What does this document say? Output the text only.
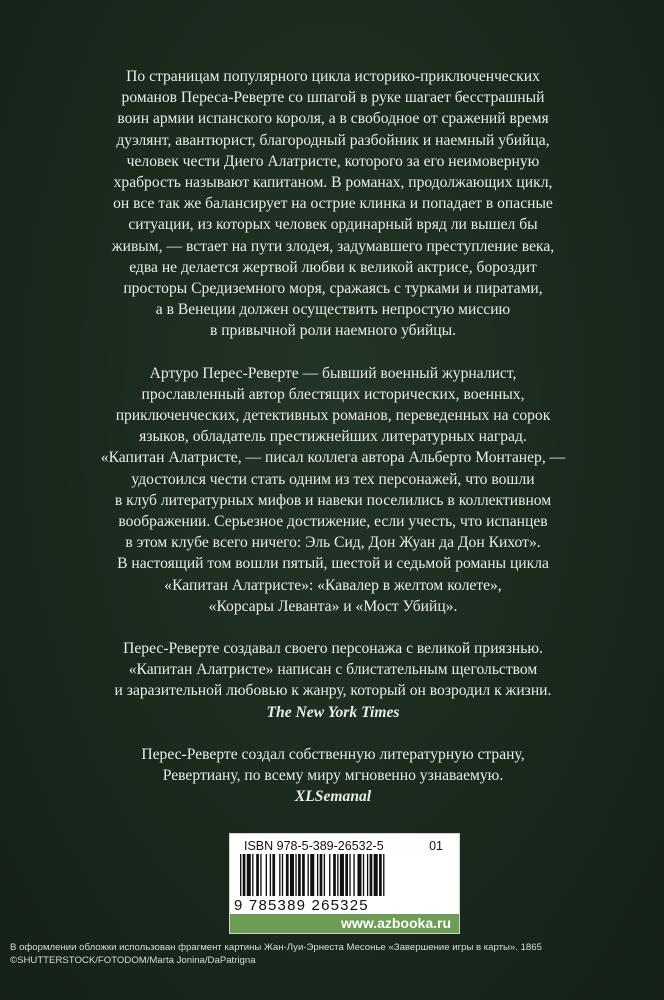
По страницам популярного цикла историко-приключенческих
романов Переса-Реверте со шпагой в руке шагает бесстрашный
воин армии испанского короля, а в свободное от сражений время
дуэлянт, авантюрист, благородный разбойник и наемный убийца,
человек чести Диего Алатристе, которого за его неимоверную
храбрость называют капитаном. В романах, продолжающих цикл,
он все так же балансирует на острие клинка и попадает в опасные
ситуации, из которых человек ординарный вряд ли вышел бы
живым, — встает на пути злодея, задумавшего преступление века,
едва не делается жертвой любви к великой актрисе, бороздит
просторы Средиземного моря, сражаясь с турками и пиратами,
а в Венеции должен осуществить непростую миссию
в привычной роли наемного убийцы.

Артуро Перес-Реверте — бывший военный журналист,
прославленный автор блестящих исторических, военных,
приключенческих, детективных романов, переведенных на сорок
языков, обладатель престижнейших литературных наград.
«Капитан Алатристе, — писал коллега автора Альберто Монтанер, —
удостоился чести стать одним из тех персонажей, что вошли
в клуб литературных мифов и навеки поселились в коллективном
воображении. Серьезное достижение, если учесть, что испанцев
в этом клубе всего ничего: Эль Сид, Дон Жуан да Дон Кихот».
В настоящий том вошли пятый, шестой и седьмой романы цикла
«Капитан Алатристе»: «Кавалер в желтом колете»,
«Корсары Леванта» и «Мост Убийц».

Перес-Реверте создавал своего персонажа с великой приязнью.
«Капитан Алатристе» написан с блистательным щегольством
и заразительной любовью к жанру, который он возродил к жизни.
The New York Times

Перес-Реверте создал собственную литературную страну,
Ревертиану, по всему миру мгновенно узнаваемую.
XLSemanal

ISBN 978-5-389-26532-5	01
9 785389 265325
www.azbooka.ru
В оформлении обложки использован фрагмент картины Жан-Луи-Эрнеста Месонье «Завершение игры в карты». 1865
©SHUTTERSTOCK/FOTODOM/Marta Jonina/DaPatrigna
